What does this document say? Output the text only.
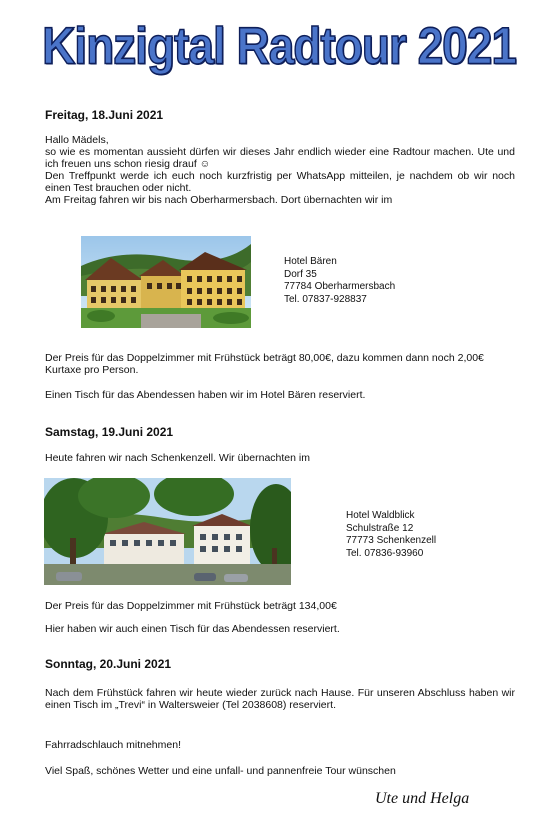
Kinzigtal Radtour 2021
Freitag, 18.Juni 2021
Hallo Mädels,
so wie es momentan aussieht dürfen wir dieses Jahr endlich wieder eine Radtour machen. Ute und ich freuen uns schon riesig drauf ☺
Den Treffpunkt werde ich euch noch kurzfristig per WhatsApp mitteilen, je nachdem ob wir noch einen Test brauchen oder nicht.
Am Freitag fahren wir bis nach Oberharmersbach. Dort übernachten wir im
Hotel Bären
Dorf 35
77784 Oberharmersbach
Tel. 07837-928837
Der Preis für das Doppelzimmer mit Frühstück beträgt 80,00€, dazu kommen dann noch 2,00€ Kurtaxe pro Person.
Einen Tisch für das Abendessen haben wir im Hotel Bären reserviert.
Samstag, 19.Juni 2021
Heute fahren wir nach Schenkenzell. Wir übernachten im
Hotel Waldblick
Schulstraße 12
77773 Schenkenzell
Tel. 07836-93960
Der Preis für das Doppelzimmer mit Frühstück beträgt 134,00€
Hier haben wir auch einen Tisch für das Abendessen reserviert.
Sonntag, 20.Juni 2021
Nach dem Frühstück fahren wir heute wieder zurück nach Hause. Für unseren Abschluss haben wir einen Tisch im „Trevi“ in Waltersweier (Tel 2038608) reserviert.
Fahrradschlauch mitnehmen!
Viel Spaß, schönes Wetter und eine unfall- und pannenfreie Tour wünschen
Ute und Helga
